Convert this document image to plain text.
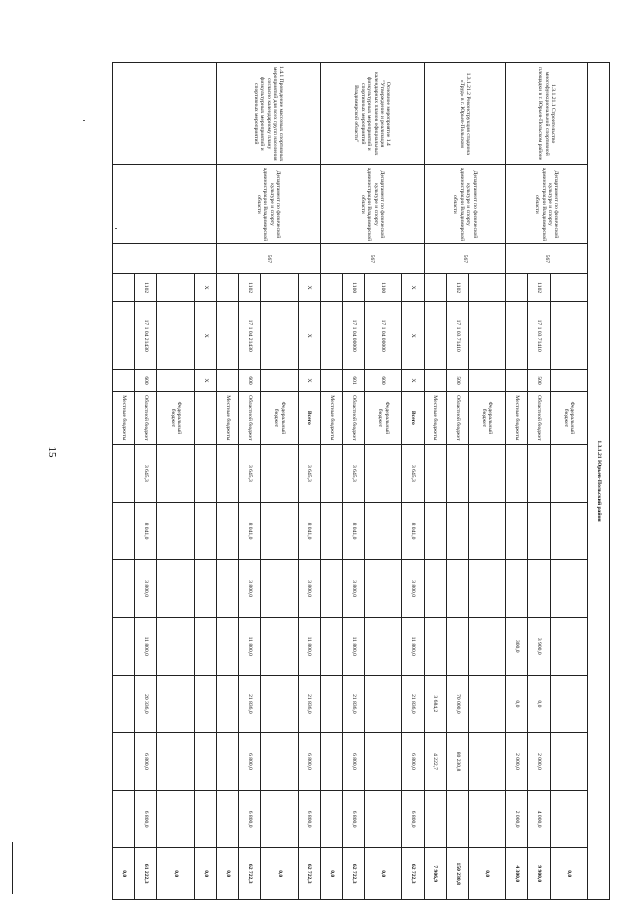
15	1.3.1.21 Юрьев-Польский район														
1.3.1.21.1 Строительство многофункциональной спортивной площадки в г. Юрьев-Польском районе	Департамент по физической культуре и спорту администрации Владимирской области	567				Федеральный бюджет								0,0
			1102	17 1 03 71410	500	Областной бюджет				3 900,0	0,0	2 000,0	4 000,0	9 900,0
						Местные бюджеты				300,0	0,0	2 000,0	2 000,0	4 300,0
1.3.1.21.2 Реконструкция стадиона «Труд» в г. Юрьев-Польском	Департамент по физической культуре и спорту администрации Владимирской области	567				Федеральный бюджет								0,0
			1102	17 1 03 71410	500	Областной бюджет					70 000,0	80 230,8		150 230,8
						Местные бюджеты					3 684,2	4 222,7		7 906,9
Основное мероприятие 1.4 "Утверждение и реализация календарных планов официальных физкультурных мероприятий и спортивных мероприятий Владимирской области"	Департамент по физической культуре и спорту администрации Владимирской области	567	X	X	X	Всего	3 645,3	8 041,0	3 800,0	11 800,0	21 836,0	6 800,0	6 800,0	62 722,3
			1100	17 1 04 00000	600	Федеральный бюджет								0,0
			1100	17 1 04 00000	601	Областной бюджет	3 645,3	8 041,0	3 800,0	11 800,0	21 836,0	6 800,0	6 800,0	62 722,3
						Местные бюджеты								0,0
1.4.1 Проведение массовых спортивных мероприятий для всех групп населения согласно календарному плану физкультурных мероприятий и спортивных мероприятий	Департамент по физической культуре и спорту администрации Владимирской области	567	X	X	X	Всего	3 645,3	8 041,0	3 800,0	11 800,0	21 836,0	6 800,0	6 800,0	62 722,3
						Федеральный бюджет								0,0
			1102	17 1 04 21430	600	Областной бюджет	3 645,3	8 041,0	3 800,0	11 800,0	21 836,0	6 800,0	6 800,0	62 722,3
						Местные бюджеты								0,0
			X	X	X									0,0
						Федеральный бюджет								0,0
			1102	17 1 04 21430	600	Областной бюджет	3 645,3	8 041,0	3 800,0	11 800,0	20 336,0	6 800,0	6 800,0	61 222,3
						Местные бюджеты								0,0
